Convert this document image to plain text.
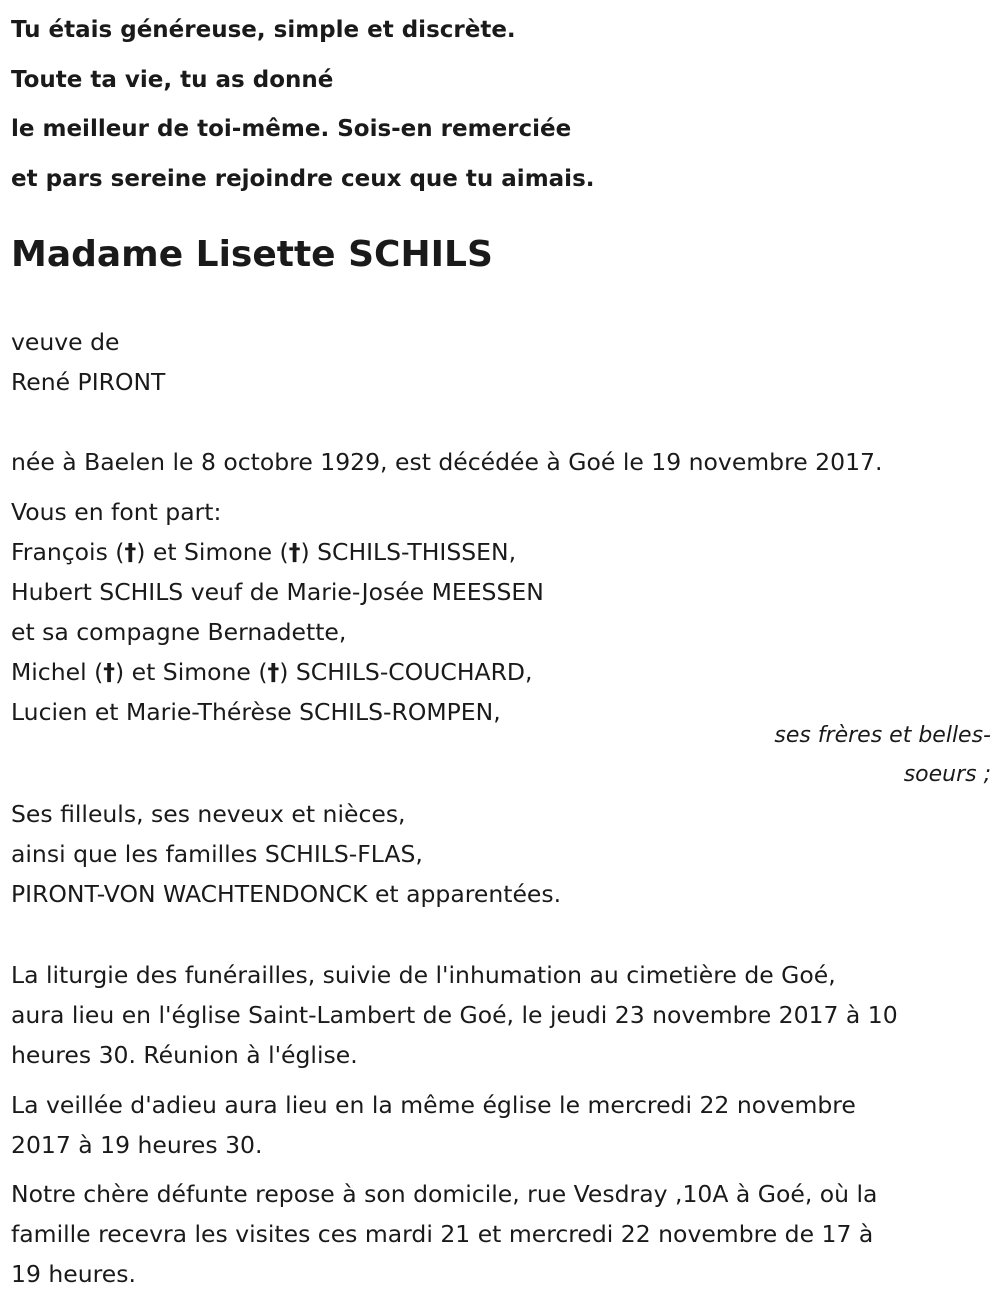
Tu étais généreuse, simple et discrète.
Toute ta vie, tu as donné
le meilleur de toi-même. Sois-en remerciée
et pars sereine rejoindre ceux que tu aimais.
Madame Lisette SCHILS
veuve de
René PIRONT
née à Baelen le 8 octobre 1929, est décédée à Goé le 19 novembre 2017.
Vous en font part:
François (†) et Simone (†) SCHILS-THISSEN,
Hubert SCHILS veuf de Marie-Josée MEESSEN
et sa compagne Bernadette,
Michel (†) et Simone (†) SCHILS-COUCHARD,
Lucien et Marie-Thérèse SCHILS-ROMPEN,
ses frères et belles-
soeurs ;
Ses filleuls, ses neveux et nièces,
ainsi que les familles SCHILS-FLAS,
PIRONT-VON WACHTENDONCK et apparentées.
La liturgie des funérailles, suivie de l'inhumation au cimetière de Goé,
aura lieu en l'église Saint-Lambert de Goé, le jeudi 23 novembre 2017 à 10
heures 30. Réunion à l'église.
La veillée d'adieu aura lieu en la même église le mercredi 22 novembre
2017 à 19 heures 30.
Notre chère défunte repose à son domicile, rue Vesdray ,10A à Goé, où la
famille recevra les visites ces mardi 21 et mercredi 22 novembre de 17 à
19 heures.
